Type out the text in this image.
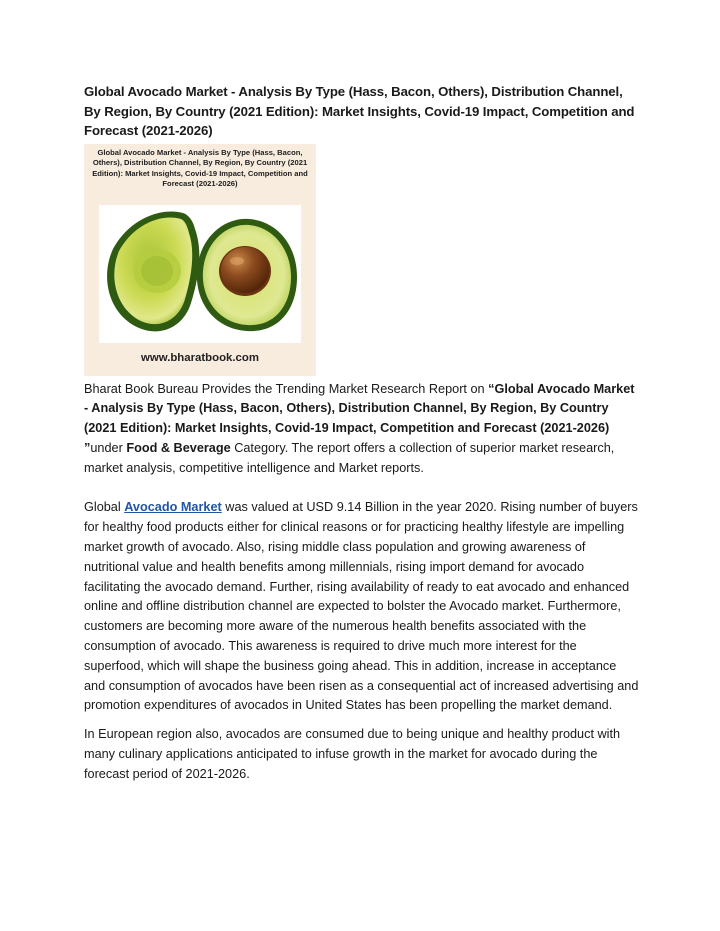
Global Avocado Market - Analysis By Type (Hass, Bacon, Others), Distribution Channel, By Region, By Country (2021 Edition): Market Insights, Covid-19 Impact, Competition and Forecast (2021-2026)

Global Avocado Market - Analysis By Type (Hass, Bacon, Others), Distribution Channel, By Region, By Country (2021 Edition): Market Insights, Covid-19 Impact, Competition and Forecast (2021-2026)

www.bharatbook.com

Bharat Book Bureau Provides the Trending Market Research Report on “Global Avocado Market - Analysis By Type (Hass, Bacon, Others), Distribution Channel, By Region, By Country (2021 Edition): Market Insights, Covid-19 Impact, Competition and Forecast (2021-2026) ”under Food & Beverage Category. The report offers a collection of superior market research, market analysis, competitive intelligence and Market reports.

Global Avocado Market was valued at USD 9.14 Billion in the year 2020. Rising number of buyers for healthy food products either for clinical reasons or for practicing healthy lifestyle are impelling market growth of avocado. Also, rising middle class population and growing awareness of nutritional value and health benefits among millennials, rising import demand for avocado facilitating the avocado demand. Further, rising availability of ready to eat avocado and enhanced online and offline distribution channel are expected to bolster the Avocado market. Furthermore, customers are becoming more aware of the numerous health benefits associated with the consumption of avocado. This awareness is required to drive much more interest for the superfood, which will shape the business going ahead. This in addition, increase in acceptance and consumption of avocados have been risen as a consequential act of increased advertising and promotion expenditures of avocados in United States has been propelling the market demand.

In European region also, avocados are consumed due to being unique and healthy product with many culinary applications anticipated to infuse growth in the market for avocado during the forecast period of 2021-2026.
